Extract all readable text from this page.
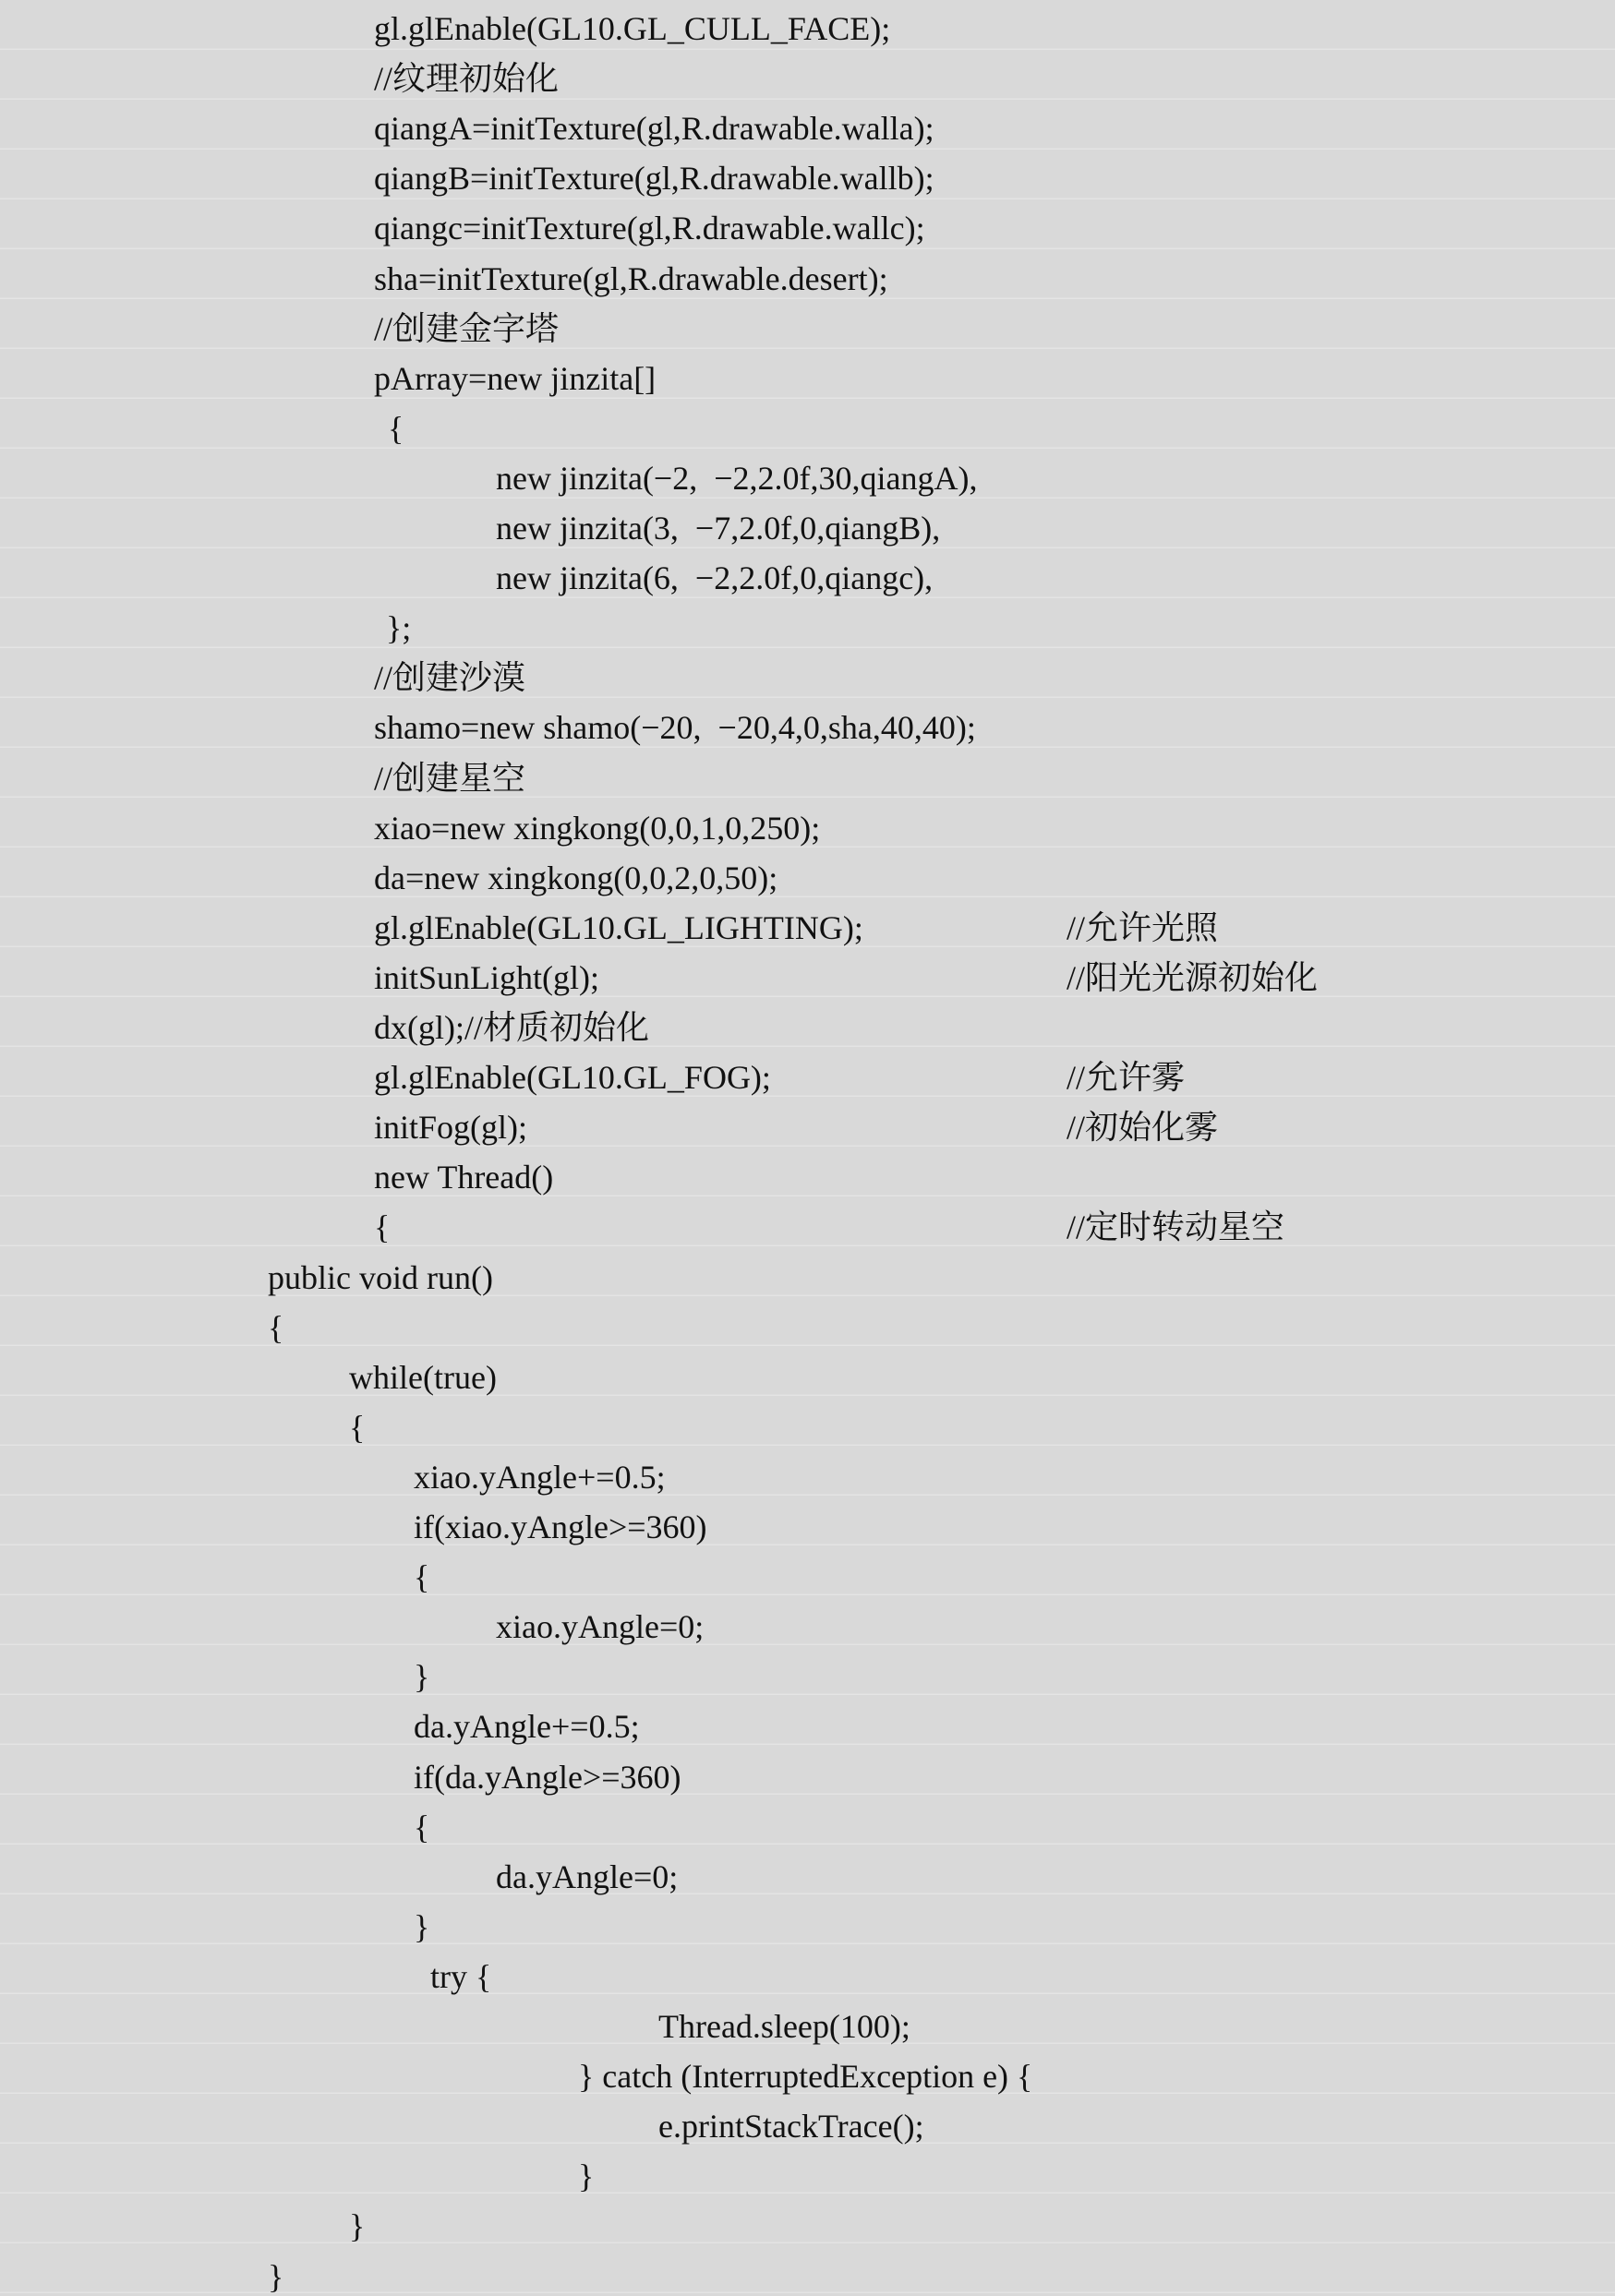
gl.glEnable(GL10.GL_CULL_FACE);
//纹理初始化
qiangA=initTexture(gl,R.drawable.walla);
qiangB=initTexture(gl,R.drawable.wallb);
qiangc=initTexture(gl,R.drawable.wallc);
sha=initTexture(gl,R.drawable.desert);
//创建金字塔
pArray=new jinzita[]
{
new jinzita(−2,  −2,2.0f,30,qiangA),
new jinzita(3,  −7,2.0f,0,qiangB),
new jinzita(6,  −2,2.0f,0,qiangc),
};
//创建沙漠
shamo=new shamo(−20,  −20,4,0,sha,40,40);
//创建星空
xiao=new xingkong(0,0,1,0,250);
da=new xingkong(0,0,2,0,50);
gl.glEnable(GL10.GL_LIGHTING);	//允许光照
initSunLight(gl);	//阳光光源初始化
dx(gl);//材质初始化
gl.glEnable(GL10.GL_FOG);	//允许雾
initFog(gl);	//初始化雾
new Thread()
{	//定时转动星空
public void run()
{
while(true)
{
xiao.yAngle+=0.5;
if(xiao.yAngle>=360)
{
xiao.yAngle=0;
}
da.yAngle+=0.5;
if(da.yAngle>=360)
{
da.yAngle=0;
}
try {
Thread.sleep(100);
} catch (InterruptedException e) {
e.printStackTrace();
}
}
}
